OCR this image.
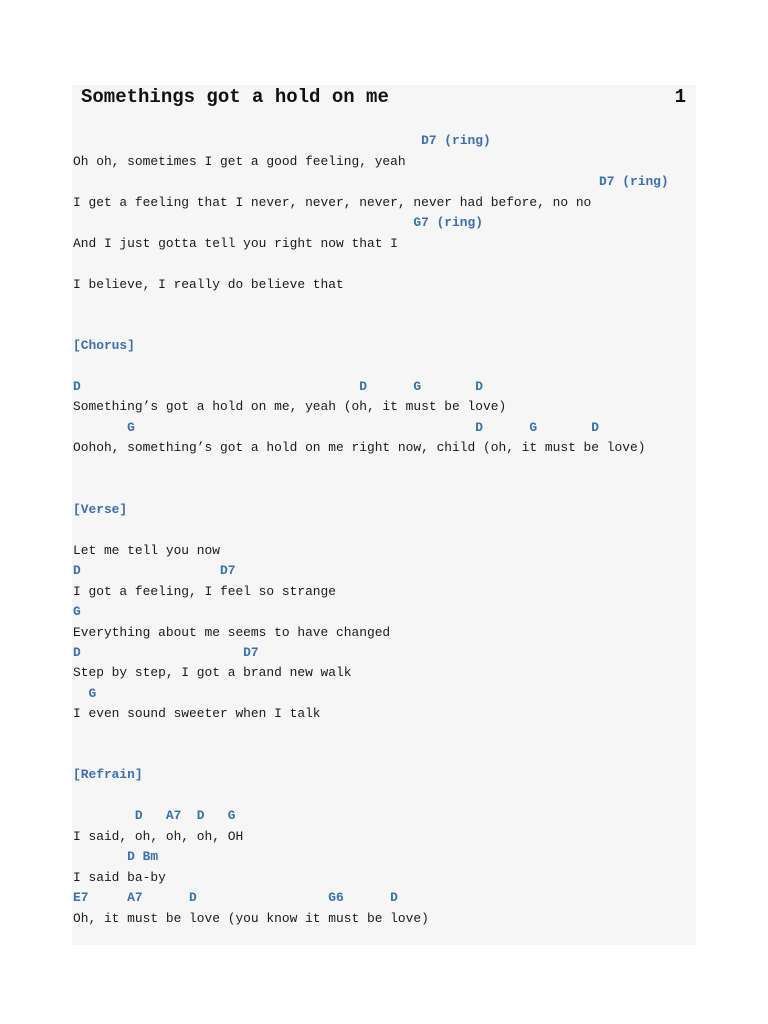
Somethings got a hold on me	1
D7 (ring)
Oh oh, sometimes I get a good feeling, yeah
D7 (ring)
I get a feeling that I never, never, never, never had before, no no
G7 (ring)
And I just gotta tell you right now that I
I believe, I really do believe that
[Chorus]
D                                    D      G       D
Something’s got a hold on me, yeah (oh, it must be love)
G                                            D      G       D
Oohoh, something’s got a hold on me right now, child (oh, it must be love)
[Verse]
Let me tell you now
D                  D7
I got a feeling, I feel so strange
G
Everything about me seems to have changed
D                     D7
Step by step, I got a brand new walk
G
I even sound sweeter when I talk
[Refrain]
D   A7  D   G
I said, oh, oh, oh, OH
D Bm
I said ba-by
E7     A7      D                 G6      D
Oh, it must be love (you know it must be love)
